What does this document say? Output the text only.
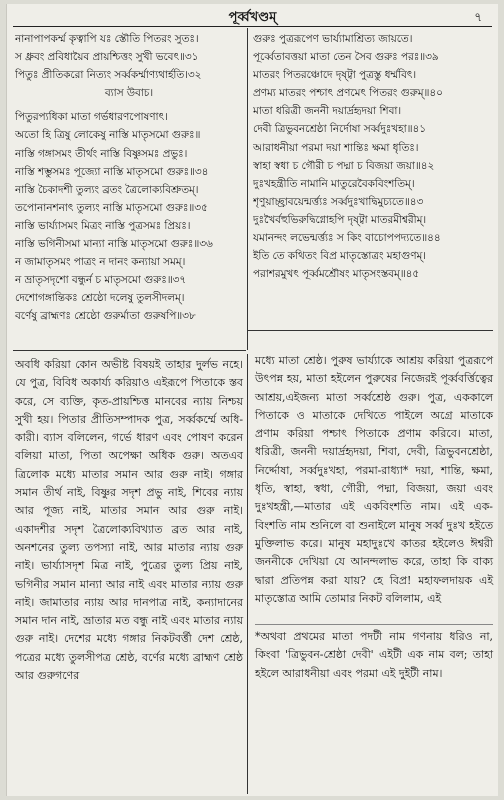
পূর্ব্বখণ্ডম্‌	৭
নানাপাপকর্ম্ম কৃত্বাপি যঃ স্তৌতি পিতরং সুতঃ।
স ধ্রুবং প্রবিধায়ৈব প্রায়শ্চিত্তং সুখী ভবেৎ॥৩১
পিতুঃ প্রীতিকরো নিত্যং সর্ব্বকর্ম্মাণ্যথার্হতি।৩২
ব্যাস উবাচ।
পিতুরপ্যধিকা মাতা গর্ভধারণপোষণাৎ।
অতো হি ত্রিষু লোকেষু নাস্তি মাতৃসমো গুরুঃ॥
নাস্তি গঙ্গাসমং তীর্থং নাস্তি বিষ্ণুসমঃ প্রভুঃ।
নাস্তি শম্ভুসমঃ পূজ্যো নাস্তি মাতৃসমো গুরুঃ॥৩৪
নাস্তি চৈকাদশী তুল্যং ব্রতং ত্রৈলোক্যবিশ্রুতম্‌।
তপোনানশনাৎ তুল্যং নাস্তি মাতৃসমো গুরুঃ॥৩৫
নাস্তি ভার্য্যাসমং মিত্রং নাস্তি পুত্রসমঃ প্রিয়ঃ।
নাস্তি ভগিনীসমা মান্যা নাস্তি মাতৃসমো গুরুঃ॥৩৬
ন জামাতৃসমং পাত্রং ন দানং কন্যায়া সমম্‌।
ন ভ্রাতৃসদৃশো বন্ধুর্ন চ মাতৃসমো গুরুঃ॥৩৭
দেশোগঙ্গান্তিকঃ শ্রেষ্ঠো দলেষু তুলসীদলম্‌।
বর্ণেষু ব্রাহ্মণঃ শ্রেষ্ঠো গুরুর্মাতা গুরুষপি॥৩৮
গুরুঃ পুত্ররূপেণ ভার্য্যামাশ্রিত্য জায়তে।
পূর্ব্বেতাবত্তয়া মাতা তেন সৈব গুরুঃ পরঃ॥৩৯
মাতরং পিতরঞ্চোদে দৃষ্ট্বা পুত্রস্তু ধর্ম্মবিৎ।
প্রণম্য মাতরং পশ্চাৎ প্রণমেৎ পিতরং গুরুম্‌॥৪০
মাতা ধরিত্রী জননী দয়ার্দ্রহৃদয়া শিবা।
দেবী ত্রিভুবনশ্রেষ্ঠা নির্দোষা সর্ব্বদুঃখহা॥৪১
আরাধনীয়া পরমা দয়া শান্তিঃ ক্ষমা ধৃতিঃ।
স্বাহা স্বধা চ গৌরী চ পদ্মা চ বিজয়া জয়া॥৪২
দুঃখহন্ত্রীতি নামানি মাতুরেবৈকবিংশতিম্‌।
শৃণুয়াচ্ছ্রাবয়েন্মর্ত্ত্যঃ সর্ব্বদুঃখাদ্বিমুচ্যতে॥৪৩
দুঃখৈর্বহুভিরুদ্বিগ্নোহপি দৃষ্ট্বা মাতরমীশ্বরীম্‌।
যমানন্দং লভেন্মর্ত্ত্যঃ স কিং বাচোপপদ্যতে॥৪৪
ইতি তে কথিতং বিপ্র মাতৃস্তোত্রং মহাগুণম্‌।
পরাশরমুখৎ পূর্ব্বমশ্রৌষং মাতৃসংস্তবম্‌॥৪৫

অবধি করিয়া কোন অভীষ্ট বিষয়ই তাহার দুর্লভ নহে। যে পুত্র, বিবিধ অকার্য্য করিয়াও এইরূপে পিতাকে স্তব করে, সে ব্যক্তি, কৃত-প্রায়শ্চিত্ত মানবের ন্যায় নিশ্চয় সুখী হয়। পিতার প্রীতিসম্পাদক পুত্র, সর্ব্বকর্ম্মে অধি-কারী। ব্যাস বলিলেন, গর্ভে ধারণ এবং পোষণ করেন বলিয়া মাতা, পিতা অপেক্ষা অধিক গুরু। অতএব ত্রিলোক মধ্যে মাতার সমান আর গুরু নাই। গঙ্গার সমান তীর্থ নাই, বিষ্ণুর সদৃশ প্রভু নাই, শিবের ন্যায় আর পূজ্য নাই, মাতার সমান আর গুরু নাই। একাদশীর সদৃশ ত্রৈলোক্যবিখ্যাত ব্রত আর নাই, অনশনের তুল্য তপস্যা নাই, আর মাতার ন্যায় গুরু নাই। ভার্য্যাসদৃশ মিত্র নাই, পুত্রের তুল্য প্রিয় নাই, ভগিনীর সমান মান্যা আর নাই এবং মাতার ন্যায় গুরু নাই। জামাতার ন্যায় আর দানপাত্র নাই, কন্যাদানের সমান দান নাই, ভ্রাতার মত বন্ধু নাই এবং মাতার ন্যায় গুরু নাই। দেশের মধ্যে গঙ্গার নিকটবর্ত্তী দেশ শ্রেষ্ঠ, পত্রের মধ্যে তুলসীপত্র শ্রেষ্ঠ, বর্ণের মধ্যে ব্রাহ্মণ শ্রেষ্ঠ আর গুরুগণের

মধ্যে মাতা শ্রেষ্ঠ। পুরুষ ভার্য্যাকে আশ্রয় করিয়া পুত্ররূপে উৎপন্ন হয়, মাতা হইলেন পুরুষের নিজেরই পূর্ব্ববর্ত্তিত্বের আশ্রয়,এইজন্য মাতা সর্ব্বশ্রেষ্ঠ গুরু। পুত্র, এককালে পিতাকে ও মাতাকে দেখিতে পাইলে অগ্রে মাতাকে প্রণাম করিয়া পশ্চাৎ পিতাকে প্রণাম করিবে। মাতা, ধরিত্রী, জননী দয়ার্দ্রহৃদয়া, শিবা, দেবী, ত্রিভুবনশ্রেষ্ঠা, নির্দ্দোষা, সর্ব্বদুঃখহা, পরমা-রাধ্যা* দয়া, শান্তি, ক্ষমা, ধৃতি, স্বাহা, স্বধা, গৌরী, পদ্মা, বিজয়া, জয়া এবং দুঃখহন্ত্রী,—মাতার এই একবিংশতি নাম। এই এক-বিংশতি নাম শুনিলে বা শুনাইলে মানুষ সর্ব্ব দুঃখ হইতে মুক্তিলাভ করে। মানুষ মহাদুঃখে কাতর হইলেও ঈশ্বরী জননীকে দেখিয়া যে আনন্দলাভ করে, তাহা কি বাক্য দ্বারা প্রতিপন্ন করা যায়? হে বিপ্র! মহাফলদায়ক এই মাতৃস্তোত্র আমি তোমার নিকট বলিলাম, এই

*অথবা প্রথমের মাতা পদটী নাম গণনায় ধরিও না, কিংবা 'ত্রিভুবন-শ্রেষ্ঠা দেবী' এইটী এক নাম বল; তাহা হইলে আরাধনীয়া এবং পরমা এই দুইটী নাম।
